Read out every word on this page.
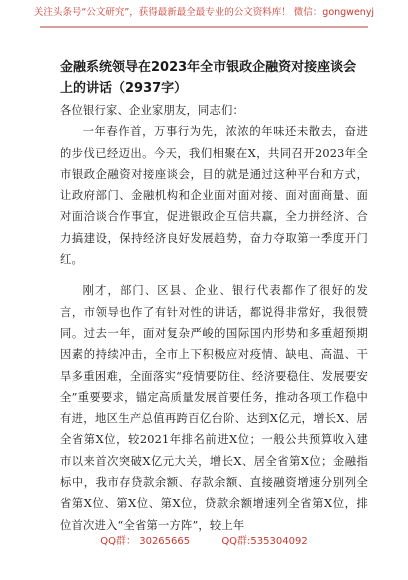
关注头条号“公文研究”，获得最新最全最专业的公文资料库！ 微信：gongwenyj
金融系统领导在2023年全市银政企融资对接座谈会上的讲话（2937字）

各位银行家、企业家朋友，同志们：

一年春作首，万事行为先，浓浓的年味还未散去，奋进的步伐已经迈出。今天，我们相聚在X，共同召开2023年全市银政企融资对接座谈会，目的就是通过这种平台和方式，让政府部门、金融机构和企业面对面对接、面对面商量、面对面洽谈合作事宜，促进银政企互信共赢，全力拼经济、合力搞建设，保持经济良好发展趋势，奋力夺取第一季度开门红。

刚才，部门、区县、企业、银行代表都作了很好的发言，市领导也作了有针对性的讲话，都说得非常好，我很赞同。过去一年，面对复杂严峻的国际国内形势和多重超预期因素的持续冲击，全市上下积极应对疫情、缺电、高温、干旱多重困难，全面落实“疫情要防住、经济要稳住、发展要安全”重要要求，锚定高质量发展首要任务，推动各项工作稳中有进，地区生产总值再跨百亿台阶、达到X亿元，增长X、居全省第X位，较2021年排名前进X位；一般公共预算收入建市以来首次突破X亿元大关，增长X、居全省第X位；金融指标中，我市存贷款余额、存款余额、直接融资增速分别列全省第X位、第X位、第X位，贷款余额增速列全省第X位，排位首次进入“全省第一方阵”，较上年

QQ群： 30265665	QQ群:535304092
